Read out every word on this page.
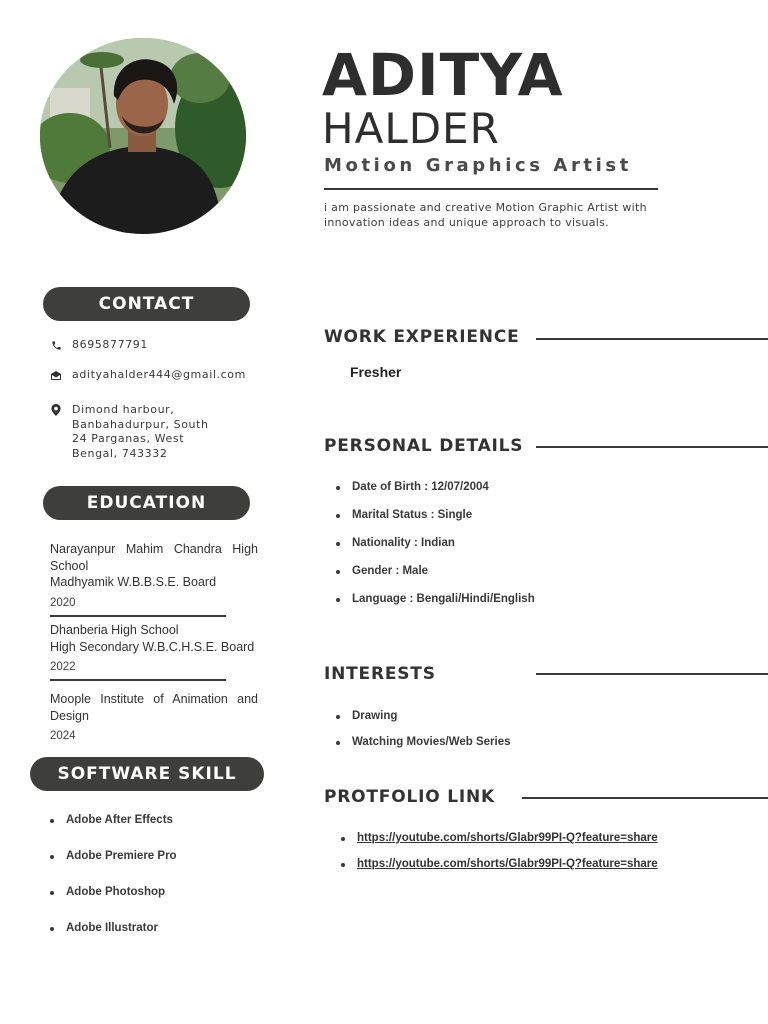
ADITYA
HALDER
Motion Graphics Artist
i am passionate and creative Motion Graphic Artist with innovation ideas and unique approach to visuals.
CONTACT
8695877791
adityahalder444@gmail.com
Dimond harbour, Banbahadurpur, South 24 Parganas, West Bengal, 743332
EDUCATION
Narayanpur Mahim Chandra High School
Madhyamik W.B.B.S.E. Board
2020
Dhanberia High School
High Secondary W.B.C.H.S.E. Board
2022
Moople Institute of Animation and Design
2024
SOFTWARE SKILL
Adobe After Effects
Adobe Premiere Pro
Adobe Photoshop
Adobe Illustrator
WORK EXPERIENCE
Fresher
PERSONAL DETAILS
Date of Birth : 12/07/2004
Marital Status : Single
Nationality : Indian
Gender : Male
Language : Bengali/Hindi/English
INTERESTS
Drawing
Watching Movies/Web Series
PROTFOLIO LINK
https://youtube.com/shorts/Glabr99PI-Q?feature=share
https://youtube.com/shorts/Glabr99PI-Q?feature=share
